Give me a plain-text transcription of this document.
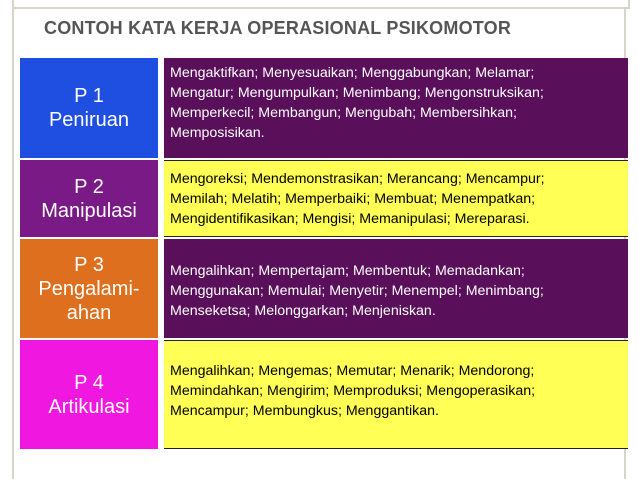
CONTOH KATA KERJA OPERASIONAL PSIKOMOTOR
P 1
Peniruan
Mengaktifkan; Menyesuaikan; Menggabungkan; Melamar;
Mengatur; Mengumpulkan; Menimbang; Mengonstruksikan;
Memperkecil; Membangun; Mengubah; Membersihkan;
Memposisikan.
P 2
Manipulasi
Mengoreksi; Mendemonstrasikan; Merancang; Mencampur;
Memilah; Melatih; Memperbaiki; Membuat; Menempatkan;
Mengidentifikasikan; Mengisi; Memanipulasi; Mereparasi.
P 3
Pengalami-
ahan
Mengalihkan; Mempertajam; Membentuk; Memadankan;
Menggunakan; Memulai; Menyetir; Menempel; Menimbang;
Menseketsa; Melonggarkan; Menjeniskan.
P 4
Artikulasi
Mengalihkan; Mengemas; Memutar; Menarik; Mendorong;
Memindahkan; Mengirim; Memproduksi; Mengoperasikan;
Mencampur; Membungkus; Menggantikan.
